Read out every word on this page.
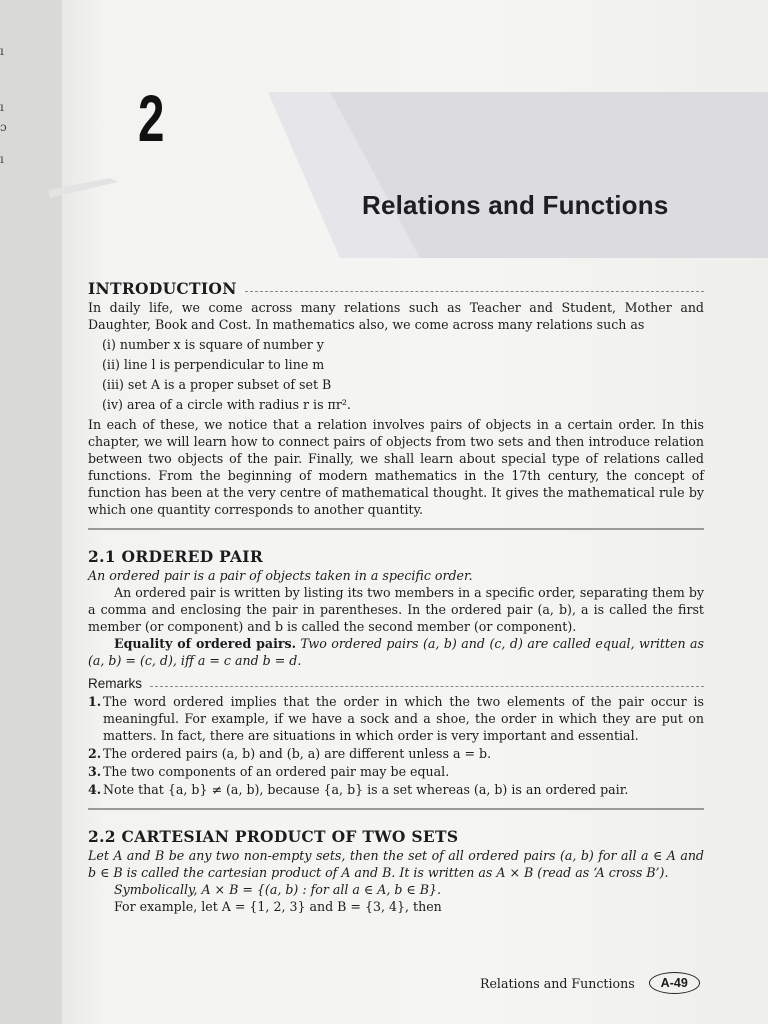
ı
ı
ɔ
ı
2
Relations and Functions
INTRODUCTION

In daily life, we come across many relations such as Teacher and Student, Mother and Daughter, Book and Cost. In mathematics also, we come across many relations such as

(i) number x is square of number y
(ii) line l is perpendicular to line m
(iii) set A is a proper subset of set B
(iv) area of a circle with radius r is πr².

In each of these, we notice that a relation involves pairs of objects in a certain order. In this chapter, we will learn how to connect pairs of objects from two sets and then introduce relation between two objects of the pair. Finally, we shall learn about special type of relations called functions. From the beginning of modern mathematics in the 17th century, the concept of function has been at the very centre of mathematical thought. It gives the mathematical rule by which one quantity corresponds to another quantity.

2.1 ORDERED PAIR

An ordered pair is a pair of objects taken in a specific order.

An ordered pair is written by listing its two members in a specific order, separating them by a comma and enclosing the pair in parentheses. In the ordered pair (a, b), a is called the first member (or component) and b is called the second member (or component).

Equality of ordered pairs. Two ordered pairs (a, b) and (c, d) are called equal, written as (a, b) = (c, d), iff a = c and b = d.

Remarks
1. The word ordered implies that the order in which the two elements of the pair occur is meaningful. For example, if we have a sock and a shoe, the order in which they are put on matters. In fact, there are situations in which order is very important and essential.
2. The ordered pairs (a, b) and (b, a) are different unless a = b.
3. The two components of an ordered pair may be equal.
4. Note that {a, b} ≠ (a, b), because {a, b} is a set whereas (a, b) is an ordered pair.
2.2 CARTESIAN PRODUCT OF TWO SETS

Let A and B be any two non-empty sets, then the set of all ordered pairs (a, b) for all a ∈ A and b ∈ B is called the cartesian product of A and B. It is written as A × B (read as ‘A cross B’).

Symbolically, A × B = {(a, b) : for all a ∈ A, b ∈ B}.

For example, let A = {1, 2, 3} and B = {3, 4}, then

Relations and Functions	A-49
